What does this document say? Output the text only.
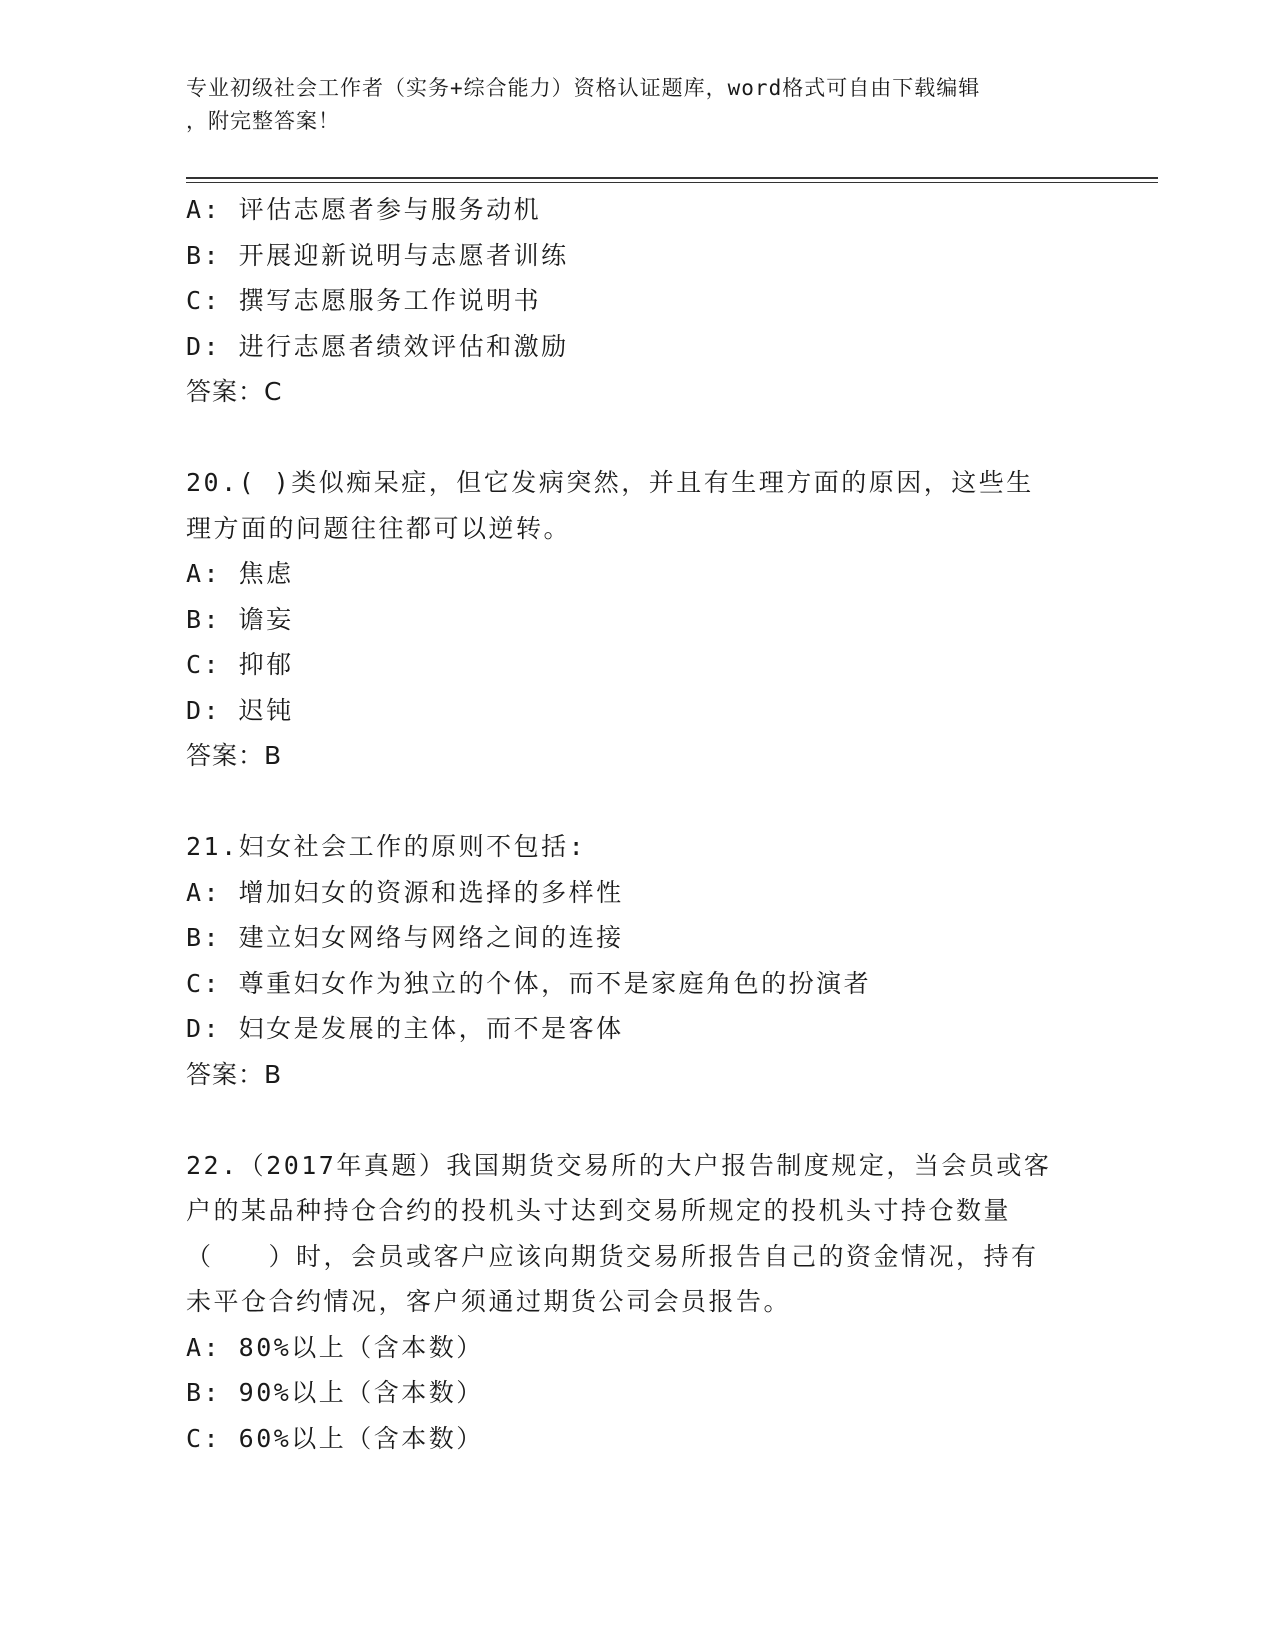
专业初级社会工作者（实务+综合能力）资格认证题库，word格式可自由下载编辑
，附完整答案！
A: 评估志愿者参与服务动机
B: 开展迎新说明与志愿者训练
C: 撰写志愿服务工作说明书
D: 进行志愿者绩效评估和激励
答案：C
20.( )类似痴呆症，但它发病突然，并且有生理方面的原因，这些生
理方面的问题往往都可以逆转。
A: 焦虑
B: 谵妄
C: 抑郁
D: 迟钝
答案：B
21.妇女社会工作的原则不包括:
A: 增加妇女的资源和选择的多样性
B: 建立妇女网络与网络之间的连接
C: 尊重妇女作为独立的个体，而不是家庭角色的扮演者
D: 妇女是发展的主体，而不是客体
答案：B
22.（2017年真题）我国期货交易所的大户报告制度规定，当会员或客
户的某品种持仓合约的投机头寸达到交易所规定的投机头寸持仓数量
（　　）时，会员或客户应该向期货交易所报告自己的资金情况，持有
未平仓合约情况，客户须通过期货公司会员报告。
A: 80%以上（含本数）
B: 90%以上（含本数）
C: 60%以上（含本数）
